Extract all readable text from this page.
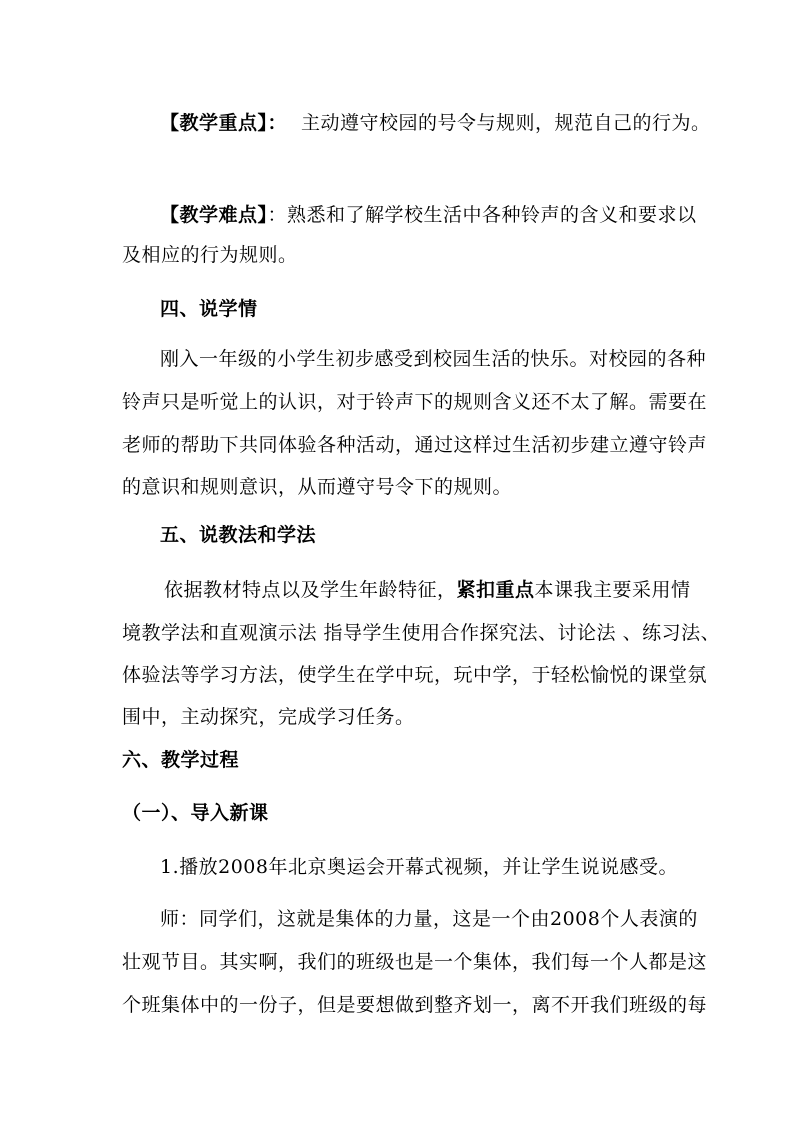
【教学重点】： 主动遵守校园的号令与规则，规范自己的行为。
【教学难点】：熟悉和了解学校生活中各种铃声的含义和要求以
及相应的行为规则。
四、说学情
刚入一年级的小学生初步感受到校园生活的快乐。对校园的各种
铃声只是听觉上的认识，对于铃声下的规则含义还不太了解。需要在
老师的帮助下共同体验各种活动，通过这样过生活初步建立遵守铃声
的意识和规则意识，从而遵守号令下的规则。
五、说教法和学法
依据教材特点以及学生年龄特征，紧扣重点本课我主要采用情
境教学法和直观演示法 指导学生使用合作探究法、讨论法 、练习法、
体验法等学习方法，使学生在学中玩，玩中学，于轻松愉悦的课堂氛
围中，主动探究，完成学习任务。
六、教学过程
（一）、导入新课
1.播放2008年北京奥运会开幕式视频，并让学生说说感受。
师：同学们，这就是集体的力量，这是一个由2008个人表演的
壮观节目。其实啊，我们的班级也是一个集体，我们每一个人都是这
个班集体中的一份子，但是要想做到整齐划一，离不开我们班级的每
